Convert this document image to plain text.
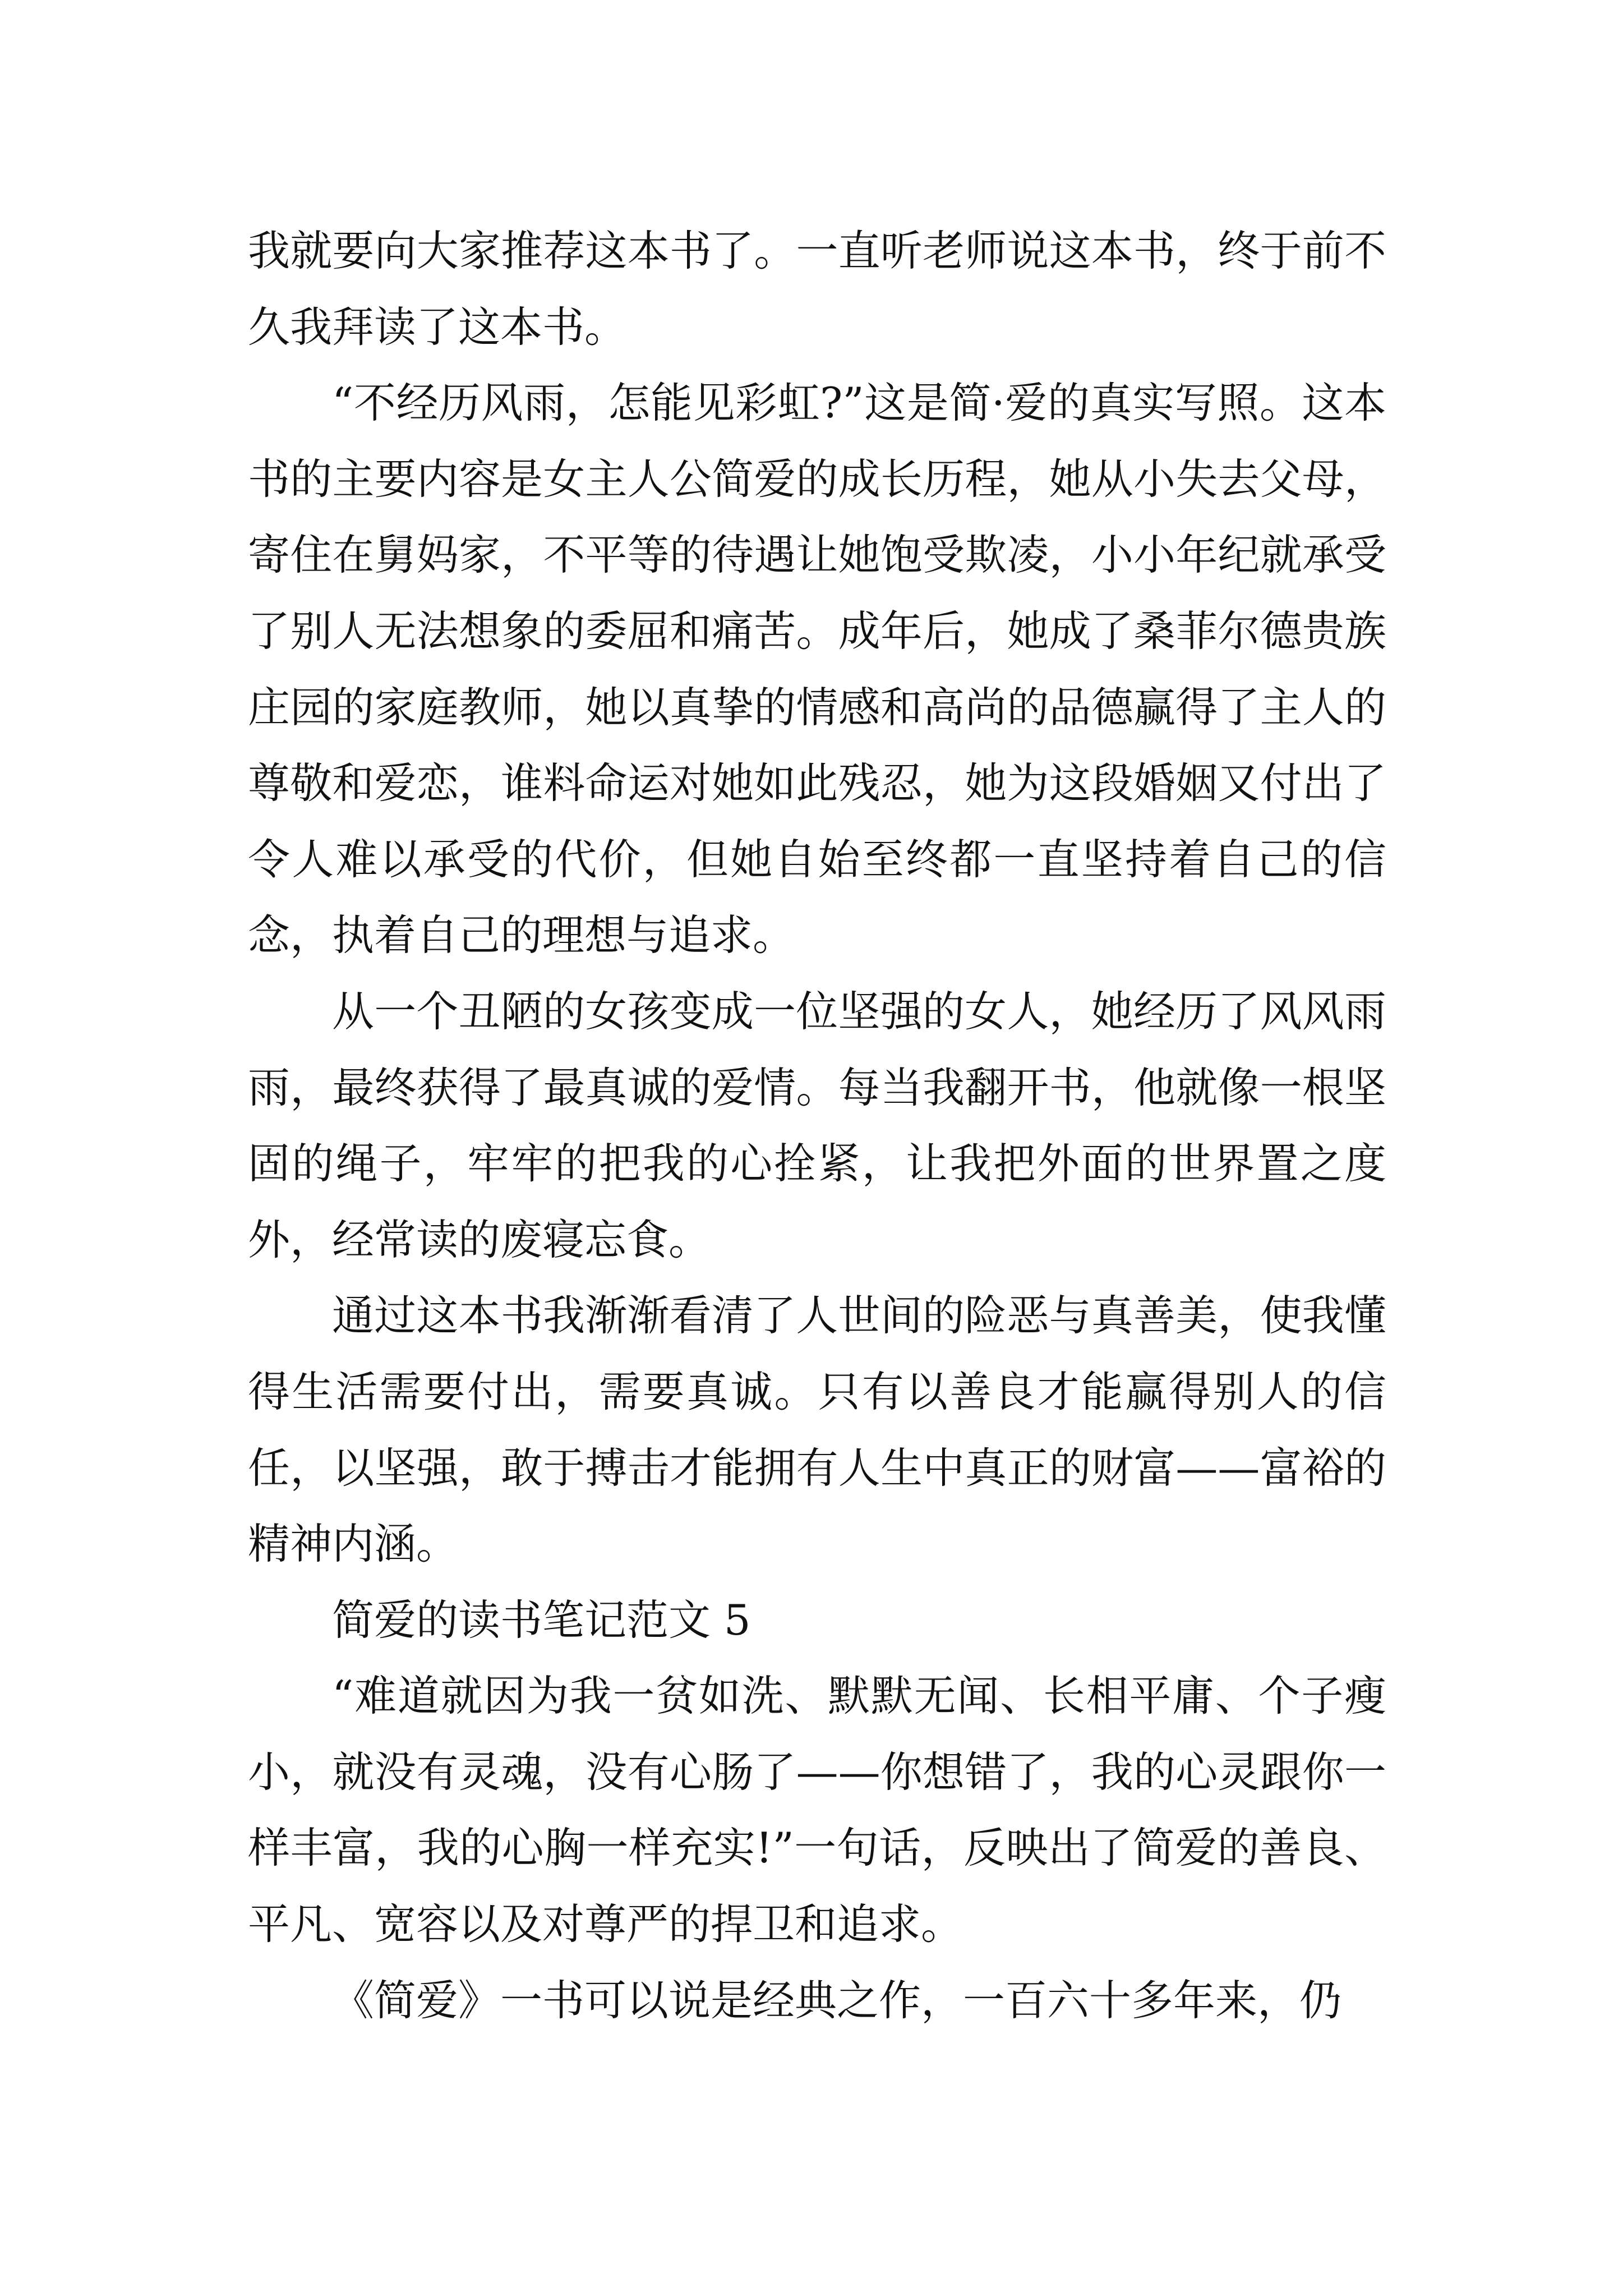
我就要向大家推荐这本书了。一直听老师说这本书，终于前不久我拜读了这本书。

“不经历风雨，怎能见彩虹?”这是简·爱的真实写照。这本书的主要内容是女主人公简爱的成长历程，她从小失去父母，寄住在舅妈家，不平等的待遇让她饱受欺凌，小小年纪就承受了别人无法想象的委屈和痛苦。成年后，她成了桑菲尔德贵族庄园的家庭教师，她以真挚的情感和高尚的品德赢得了主人的尊敬和爱恋，谁料命运对她如此残忍，她为这段婚姻又付出了令人难以承受的代价，但她自始至终都一直坚持着自己的信念，执着自己的理想与追求。

从一个丑陋的女孩变成一位坚强的女人，她经历了风风雨雨，最终获得了最真诚的爱情。每当我翻开书，他就像一根坚固的绳子，牢牢的把我的心拴紧，让我把外面的世界置之度外，经常读的废寝忘食。

通过这本书我渐渐看清了人世间的险恶与真善美，使我懂得生活需要付出，需要真诚。只有以善良才能赢得别人的信任，以坚强，敢于搏击才能拥有人生中真正的财富——富裕的精神内涵。

简爱的读书笔记范文 5

“难道就因为我一贫如洗、默默无闻、长相平庸、个子瘦小，就没有灵魂，没有心肠了——你想错了，我的心灵跟你一样丰富，我的心胸一样充实!”一句话，反映出了简爱的善良、平凡、宽容以及对尊严的捍卫和追求。

《简爱》一书可以说是经典之作，一百六十多年来，仍
